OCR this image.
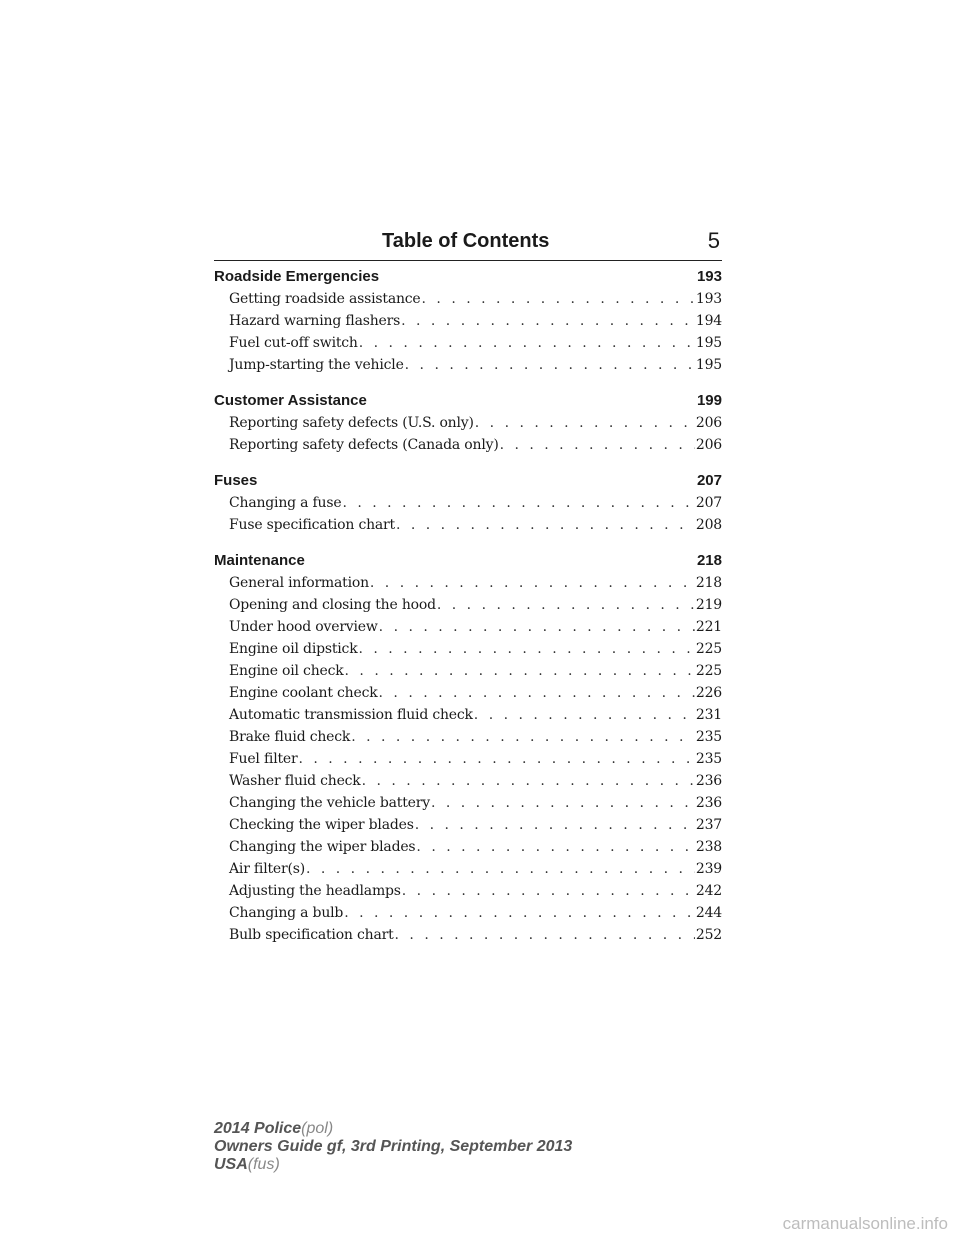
Table of Contents	5
Roadside Emergencies	193
Getting roadside assistance . . .	193
Hazard warning flashers . . .	194
Fuel cut-off switch . . .	195
Jump-starting the vehicle . . .	195
Customer Assistance	199
Reporting safety defects (U.S. only) . . .	206
Reporting safety defects (Canada only) . . .	206
Fuses	207
Changing a fuse . . .	207
Fuse specification chart . . .	208
Maintenance	218
General information . . .	218
Opening and closing the hood . . .	219
Under hood overview . . .	221
Engine oil dipstick . . .	225
Engine oil check . . .	225
Engine coolant check . . .	226
Automatic transmission fluid check . . .	231
Brake fluid check . . .	235
Fuel filter . . .	235
Washer fluid check . . .	236
Changing the vehicle battery . . .	236
Checking the wiper blades . . .	237
Changing the wiper blades . . .	238
Air filter(s) . . .	239
Adjusting the headlamps . . .	242
Changing a bulb . . .	244
Bulb specification chart . . .	252
2014 Police(pol)
Owners Guide gf, 3rd Printing, September 2013
USA(fus)
carmanualsonline.info
